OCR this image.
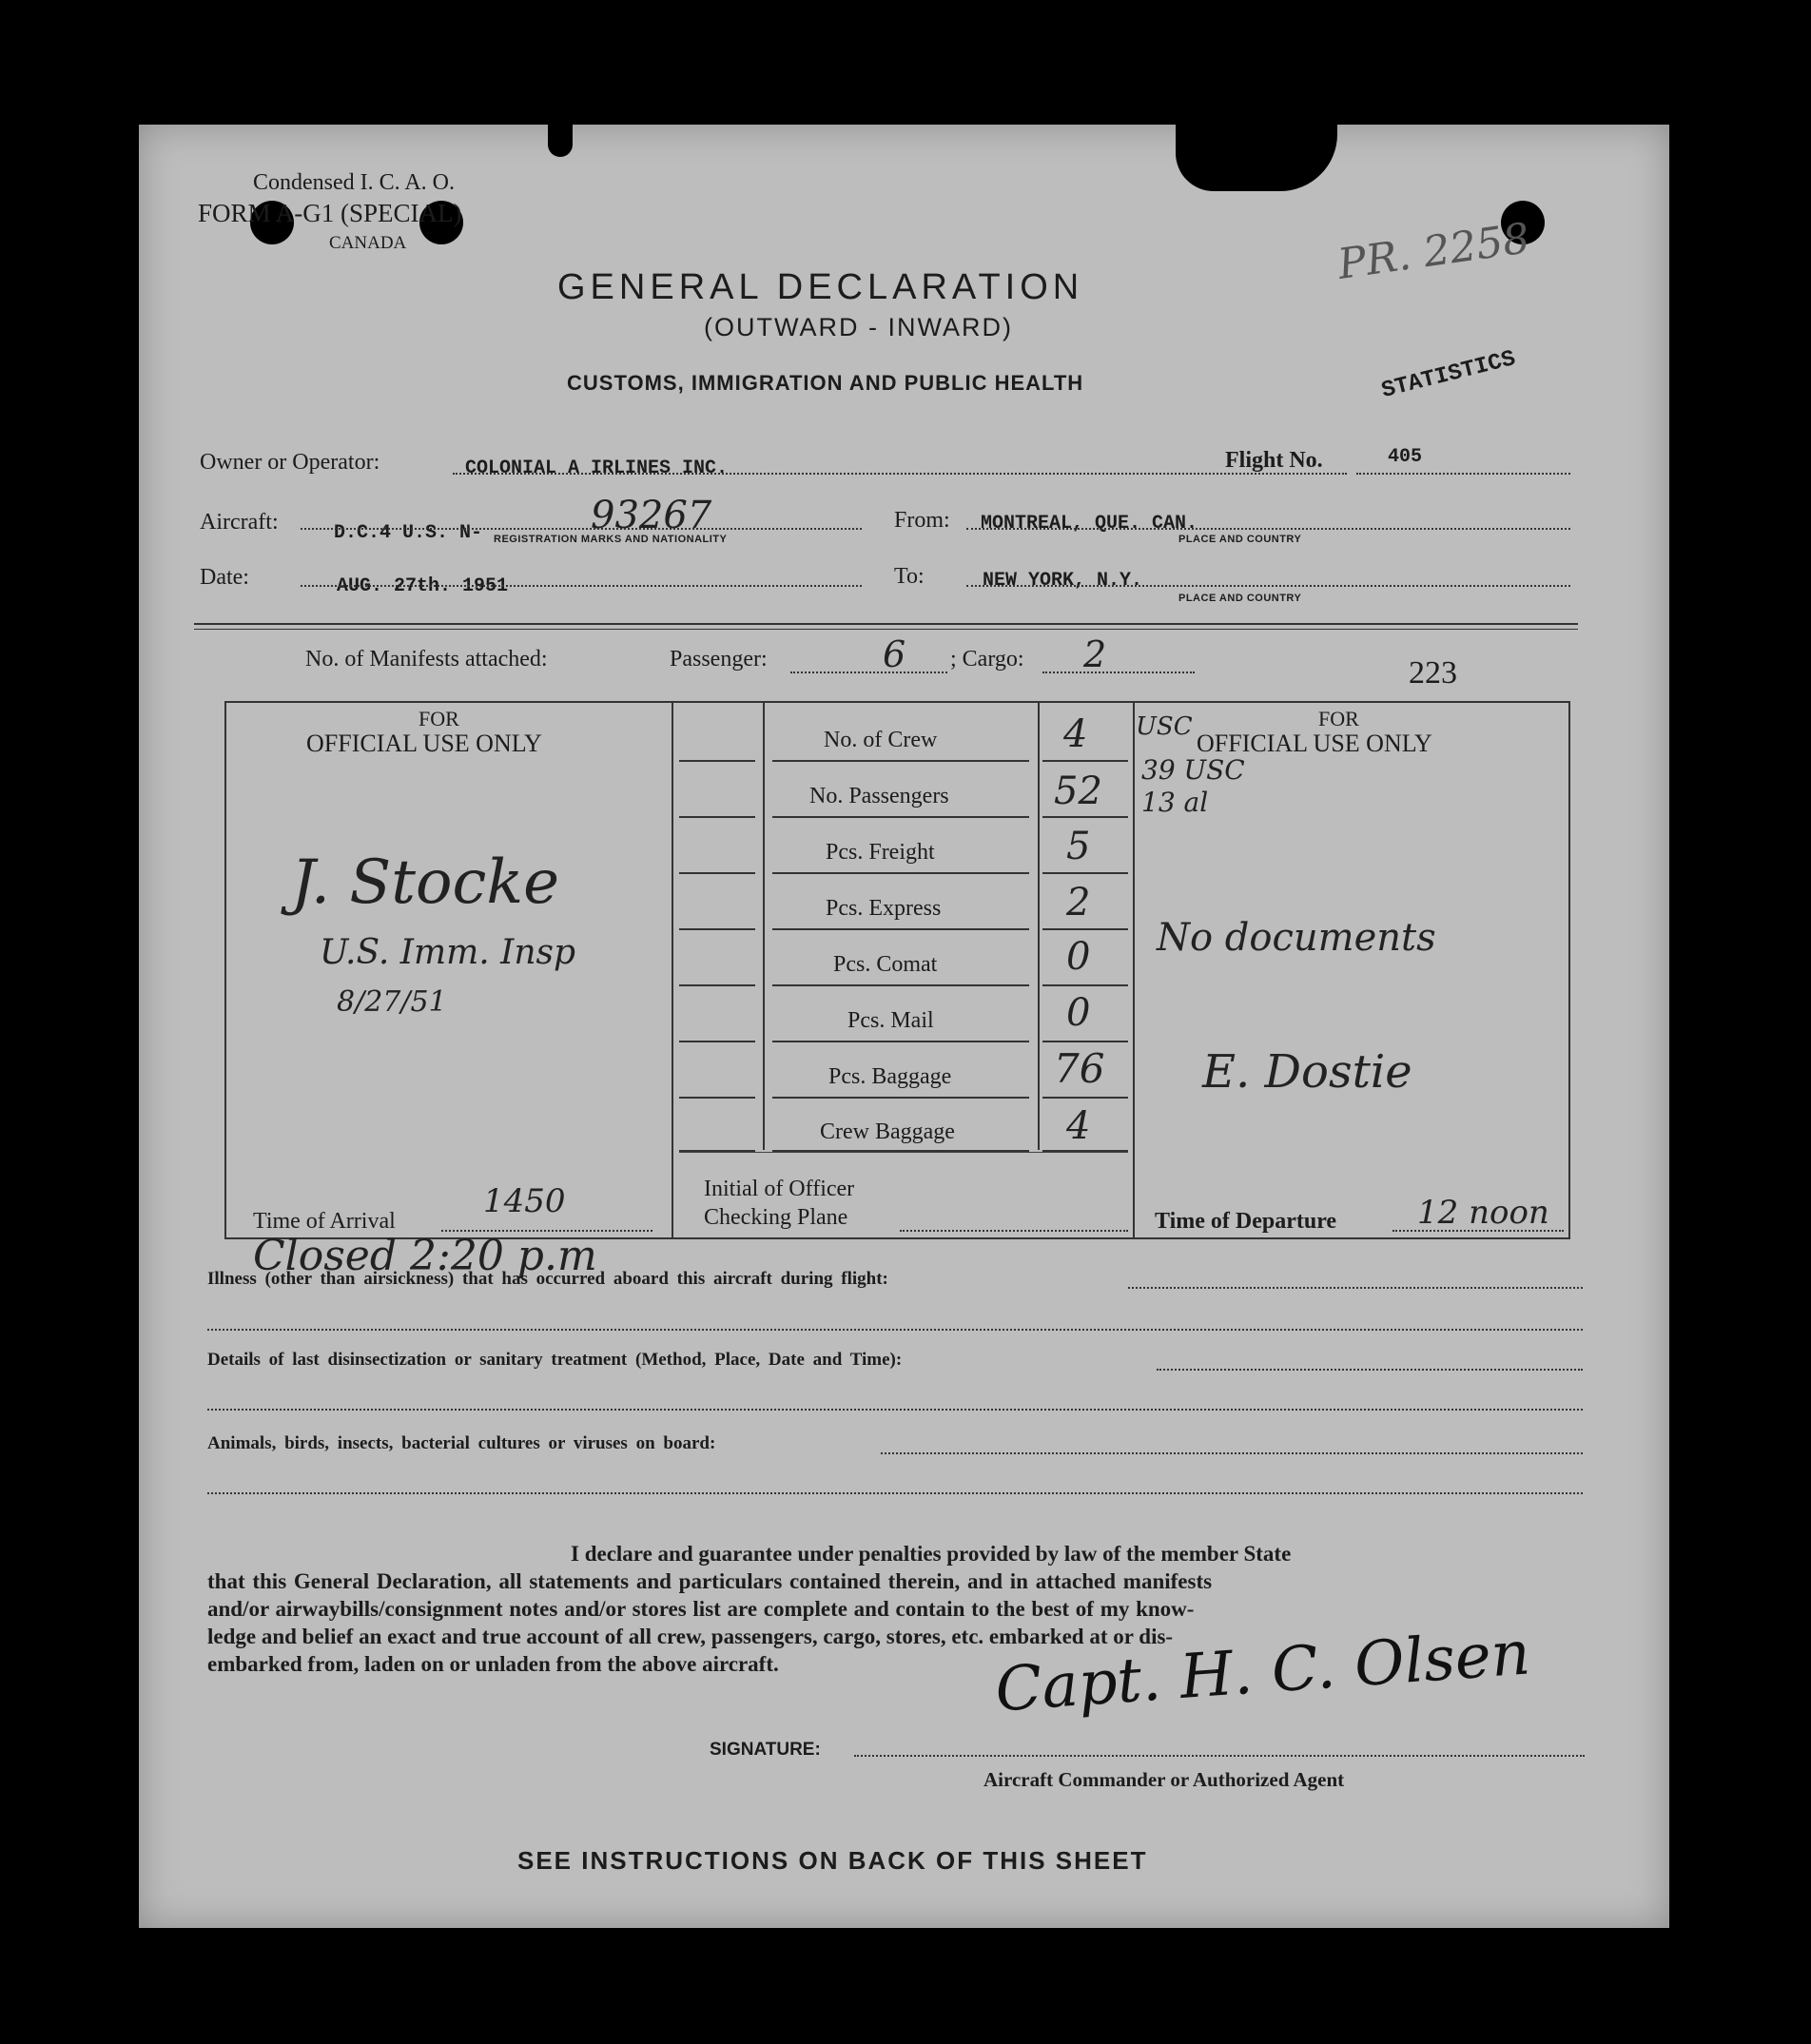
Condensed I. C. A. O.
FORM A-G1 (SPECIAL)
CANADA	PR. 2258
GENERAL DECLARATION
(OUTWARD - INWARD)
CUSTOMS, IMMIGRATION AND PUBLIC HEALTH	STATISTICS
Owner or Operator:	COLONIAL A IRLINES INC.	Flight No.	405
Aircraft:	D.C.4 U.S. N-	93267
REGISTRATION MARKS AND NATIONALITY
From: MONTREAL, QUE. CAN.
PLACE AND COUNTRY
Date:	AUG. 27th. 1951	To:	NEW YORK, N.Y.
PLACE AND COUNTRY
No. of Manifests attached:	Passenger:	6 ; Cargo: 2	223
FOR
OFFICIAL USE ONLY
J. Stocke
U.S. Imm. Insp
8/27/51
Time of Arrival
1450
No. of Crew	4
No. Passengers	52
Pcs. Freight	5
Pcs. Express	2
Pcs. Comat	0
Pcs. Mail	0
Pcs. Baggage	76
Crew Baggage	4
Initial of Officer
Checking Plane
FOR
OFFICIAL USE ONLY
USC
39 USC
13 al
No documents
E. Dostie
Time of Departure 12 noon
Closed 2:20 p.m
Illness (other than airsickness) that has occurred aboard this aircraft during flight:
Details of last disinsectization or sanitary treatment (Method, Place, Date and Time):
Animals, birds, insects, bacterial cultures or viruses on board:
I declare and guarantee under penalties provided by law of the member State
that this General Declaration, all statements and particulars contained therein, and in attached manifests
and/or airwaybills/consignment notes and/or stores list are complete and contain to the best of my know-
ledge and belief an exact and true account of all crew, passengers, cargo, stores, etc. embarked at or dis-
embarked from, laden on or unladen from the above aircraft.	Capt. H. C. Olsen
SIGNATURE:
Aircraft Commander or Authorized Agent
SEE INSTRUCTIONS ON BACK OF THIS SHEET
